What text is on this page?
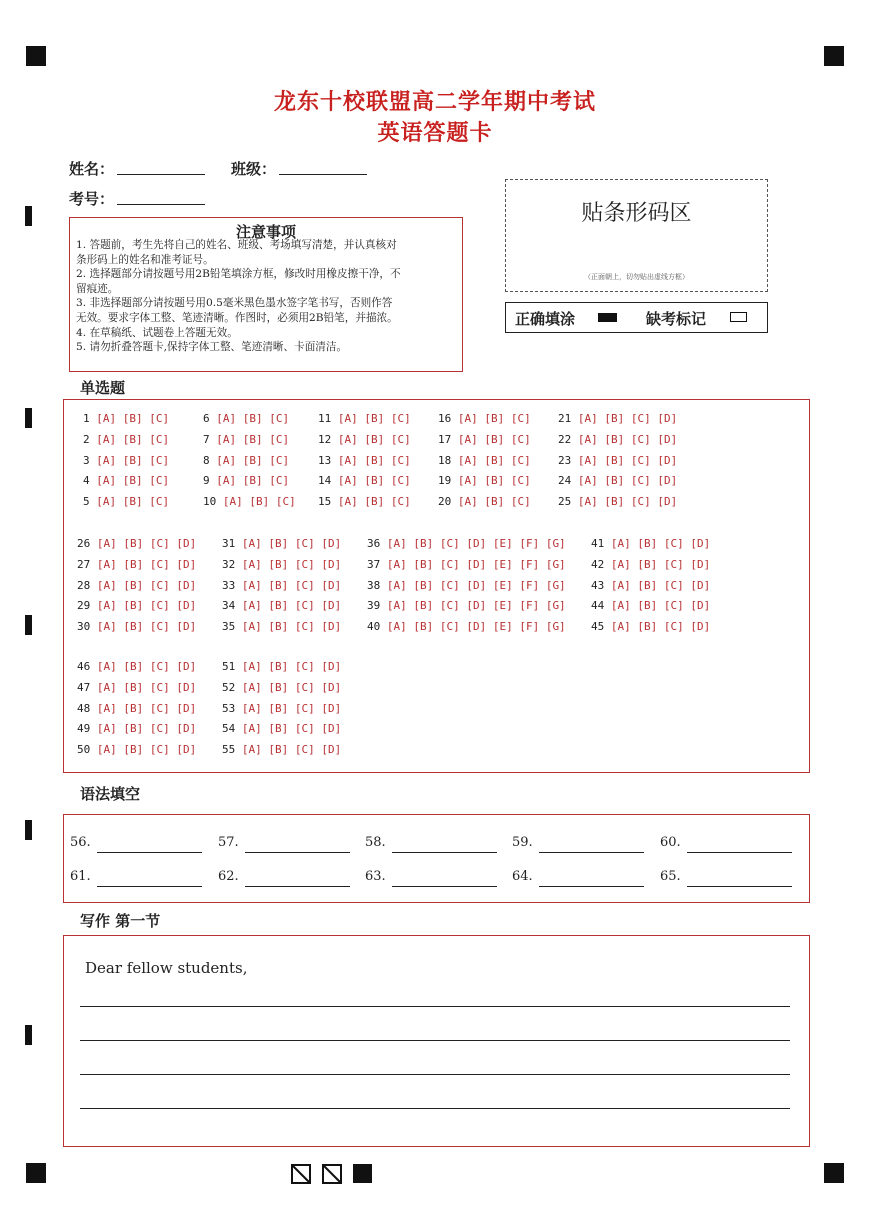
龙东十校联盟高二学年期中考试
英语答题卡
姓名：	班级：
考号：
注意事项
1. 答题前，考生先将自己的姓名、班级、考场填写清楚，并认真核对
条形码上的姓名和准考证号。
2. 选择题部分请按题号用2B铅笔填涂方框，修改时用橡皮擦干净，不
留痕迹。
3. 非选择题部分请按题号用0.5毫米黑色墨水签字笔书写，否则作答
无效。要求字体工整、笔迹清晰。作图时，必须用2B铅笔，并描浓。
4. 在草稿纸、试题卷上答题无效。
5. 请勿折叠答题卡,保持字体工整、笔迹清晰、卡面清洁。
贴条形码区
（正面朝上，切勿贴出虚线方框）
正确填涂	缺考标记
单选题
1 [A] [B] [C]
2 [A] [B] [C]
3 [A] [B] [C]
4 [A] [B] [C]
5 [A] [B] [C]
6 [A] [B] [C]
7 [A] [B] [C]
8 [A] [B] [C]
9 [A] [B] [C]
10 [A] [B] [C]
11 [A] [B] [C]
12 [A] [B] [C]
13 [A] [B] [C]
14 [A] [B] [C]
15 [A] [B] [C]
16 [A] [B] [C]
17 [A] [B] [C]
18 [A] [B] [C]
19 [A] [B] [C]
20 [A] [B] [C]
21 [A] [B] [C] [D]
22 [A] [B] [C] [D]
23 [A] [B] [C] [D]
24 [A] [B] [C] [D]
25 [A] [B] [C] [D]
26 [A] [B] [C] [D]
27 [A] [B] [C] [D]
28 [A] [B] [C] [D]
29 [A] [B] [C] [D]
30 [A] [B] [C] [D]
31 [A] [B] [C] [D]
32 [A] [B] [C] [D]
33 [A] [B] [C] [D]
34 [A] [B] [C] [D]
35 [A] [B] [C] [D]
36 [A] [B] [C] [D] [E] [F] [G]
37 [A] [B] [C] [D] [E] [F] [G]
38 [A] [B] [C] [D] [E] [F] [G]
39 [A] [B] [C] [D] [E] [F] [G]
40 [A] [B] [C] [D] [E] [F] [G]
41 [A] [B] [C] [D]
42 [A] [B] [C] [D]
43 [A] [B] [C] [D]
44 [A] [B] [C] [D]
45 [A] [B] [C] [D]
46 [A] [B] [C] [D]
47 [A] [B] [C] [D]
48 [A] [B] [C] [D]
49 [A] [B] [C] [D]
50 [A] [B] [C] [D]
51 [A] [B] [C] [D]
52 [A] [B] [C] [D]
53 [A] [B] [C] [D]
54 [A] [B] [C] [D]
55 [A] [B] [C] [D]
语法填空
56.	57.	58.	59.	60.
61.	62.	63.	64.	65.
写作 第一节
Dear fellow students,
